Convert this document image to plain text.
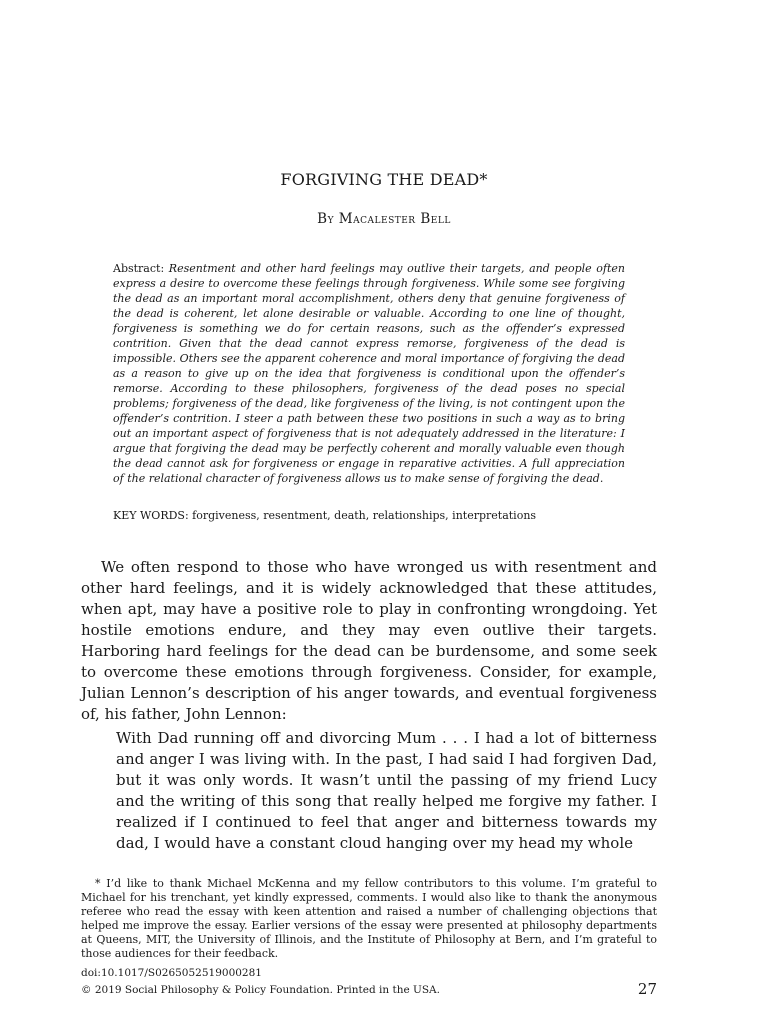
FORGIVING THE DEAD*

By Macalester Bell

Abstract: Resentment and other hard feelings may outlive their targets, and people often express a desire to overcome these feelings through forgiveness. While some see forgiving the dead as an important moral accomplishment, others deny that genuine forgiveness of the dead is coherent, let alone desirable or valuable. According to one line of thought, forgiveness is something we do for certain reasons, such as the offender’s expressed contrition. Given that the dead cannot express remorse, forgiveness of the dead is impossible. Others see the apparent coherence and moral importance of forgiving the dead as a reason to give up on the idea that forgiveness is conditional upon the offender’s remorse. According to these philosophers, forgiveness of the dead poses no special problems; forgiveness of the dead, like forgiveness of the living, is not contingent upon the offender’s contrition. I steer a path between these two positions in such a way as to bring out an important aspect of forgiveness that is not adequately addressed in the literature: I argue that forgiving the dead may be perfectly coherent and morally valuable even though the dead cannot ask for forgiveness or engage in reparative activities. A full appreciation of the relational character of forgiveness allows us to make sense of forgiving the dead.

KEY WORDS: forgiveness, resentment, death, relationships, interpretations

We often respond to those who have wronged us with resentment and other hard feelings, and it is widely acknowledged that these attitudes, when apt, may have a positive role to play in confronting wrongdoing. Yet hostile emotions endure, and they may even outlive their targets. Harboring hard feelings for the dead can be burdensome, and some seek to overcome these emotions through forgiveness. Consider, for example, Julian Lennon’s description of his anger towards, and eventual forgiveness of, his father, John Lennon:

With Dad running off and divorcing Mum . . . I had a lot of bitterness and anger I was living with. In the past, I had said I had forgiven Dad, but it was only words. It wasn’t until the passing of my friend Lucy and the writing of this song that really helped me forgive my father. I realized if I continued to feel that anger and bitterness towards my dad, I would have a constant cloud hanging over my head my whole

* I’d like to thank Michael McKenna and my fellow contributors to this volume. I’m grateful to Michael for his trenchant, yet kindly expressed, comments. I would also like to thank the anonymous referee who read the essay with keen attention and raised a number of challenging objections that helped me improve the essay. Earlier versions of the essay were presented at philosophy departments at Queens, MIT, the University of Illinois, and the Institute of Philosophy at Bern, and I’m grateful to those audiences for their feedback.

doi:10.1017/S0265052519000281

© 2019 Social Philosophy & Policy Foundation. Printed in the USA.	27
